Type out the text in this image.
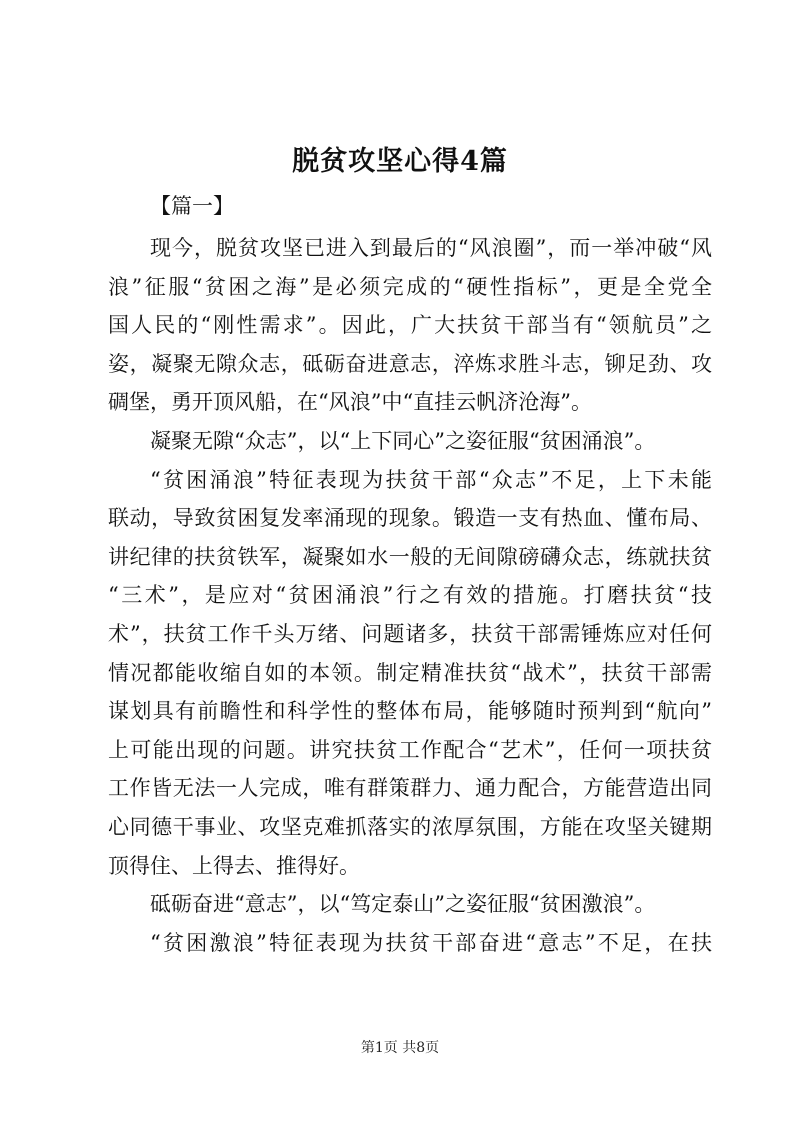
脱贫攻坚心得4篇
【篇一】
现今，脱贫攻坚已进入到最后的“风浪圈”，而一举冲破“风
浪”征服“贫困之海”是必须完成的“硬性指标”，更是全党全
国人民的“刚性需求”。因此，广大扶贫干部当有“领航员”之
姿，凝聚无隙众志，砥砺奋进意志，淬炼求胜斗志，铆足劲、攻
碉堡，勇开顶风船，在“风浪”中“直挂云帆济沧海”。
凝聚无隙“众志”，以“上下同心”之姿征服“贫困涌浪”。
“贫困涌浪”特征表现为扶贫干部“众志”不足，上下未能
联动，导致贫困复发率涌现的现象。锻造一支有热血、懂布局、
讲纪律的扶贫铁军，凝聚如水一般的无间隙磅礴众志，练就扶贫
“三术”，是应对“贫困涌浪”行之有效的措施。打磨扶贫“技
术”，扶贫工作千头万绪、问题诸多，扶贫干部需锤炼应对任何
情况都能收缩自如的本领。制定精准扶贫“战术”，扶贫干部需
谋划具有前瞻性和科学性的整体布局，能够随时预判到“航向”
上可能出现的问题。讲究扶贫工作配合“艺术”，任何一项扶贫
工作皆无法一人完成，唯有群策群力、通力配合，方能营造出同
心同德干事业、攻坚克难抓落实的浓厚氛围，方能在攻坚关键期
顶得住、上得去、推得好。
砥砺奋进“意志”，以“笃定泰山”之姿征服“贫困激浪”。
“贫困激浪”特征表现为扶贫干部奋进“意志”不足，在扶
第1页 共8页
